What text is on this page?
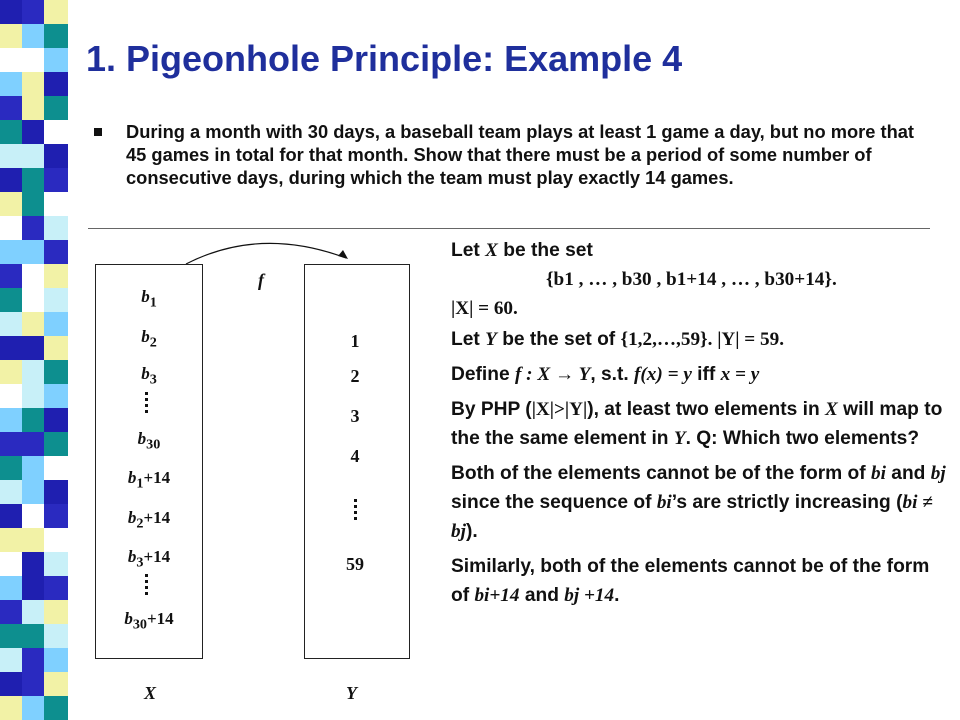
1. Pigeonhole Principle: Example 4

During a month with 30 days, a baseball team plays at least 1 game a day, but no more that 45 games in total for that month. Show that there must be a period of some number of consecutive days, during which the team must play exactly 14 games.

f
$b_1$
$b_2$
$b_3$
$b_{30}$
$b_1+14$
$b_2+14$
$b_3+14$
$b_{30}+14$
1
2
3
4
59
X	Y

Let X be the set
{b1 , … , b30 , b1+14 , … , b30+14}.
|X| = 60.

Let Y be the set of {1,2,…,59}. |Y| = 59.

Define f : X → Y, s.t. f(x) = y iff x = y

By PHP (|X|>|Y|), at least two elements in X will map to the the same element in Y. Q: Which two elements?

Both of the elements cannot be of the form of bi and bj since the sequence of bi’s are strictly increasing (bi ≠ bj).

Similarly, both of the elements cannot be of the form of bi+14 and bj +14.
